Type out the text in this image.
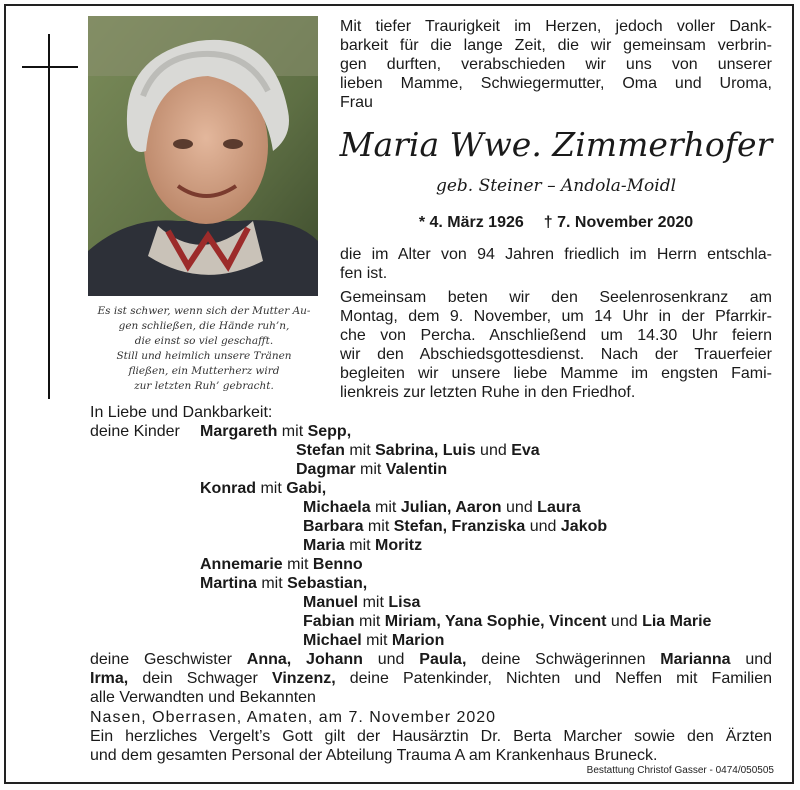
Es ist schwer, wenn sich der Mutter Au-
gen schließen, die Hände ruh’n,
die einst so viel geschafft.
Still und heimlich unsere Tränen
fließen, ein Mutterherz wird
zur letzten Ruh’ gebracht.
Mit tiefer Traurigkeit im Herzen, jedoch voller Dank-
barkeit für die lange Zeit, die wir gemeinsam verbrin-
gen durften, verabschieden wir uns von unserer
lieben Mamme, Schwiegermutter, Oma und Uroma,
Frau
Maria Wwe. Zimmerhofer
geb. Steiner – Andola-Moidl
* 4. März 1926 † 7. November 2020
die im Alter von 94 Jahren friedlich im Herrn entschla-
fen ist.
Gemeinsam beten wir den Seelenrosenkranz am
Montag, dem 9. November, um 14 Uhr in der Pfarrkir-
che von Percha. Anschließend um 14.30 Uhr feiern
wir den Abschiedsgottesdienst. Nach der Trauerfeier
begleiten wir unsere liebe Mamme im engsten Fami-
lienkreis zur letzten Ruhe in den Friedhof.
In Liebe und Dankbarkeit:
deine Kinder Margareth mit Sepp,
Stefan mit Sabrina, Luis und Eva
Dagmar mit Valentin
Konrad mit Gabi,
Michaela mit Julian, Aaron und Laura
Barbara mit Stefan, Franziska und Jakob
Maria mit Moritz
Annemarie mit Benno
Martina mit Sebastian,
Manuel mit Lisa
Fabian mit Miriam, Yana Sophie, Vincent und Lia Marie
Michael mit Marion
deine Geschwister Anna, Johann und Paula, deine Schwägerinnen Marianna und
Irma, dein Schwager Vinzenz, deine Patenkinder, Nichten und Neffen mit Familien
alle Verwandten und Bekannten
Nasen, Oberrasen, Amaten, am 7. November 2020
Ein herzliches Vergelt’s Gott gilt der Hausärztin Dr. Berta Marcher sowie den Ärzten
und dem gesamten Personal der Abteilung Trauma A am Krankenhaus Bruneck.
Bestattung Christof Gasser - 0474/050505
